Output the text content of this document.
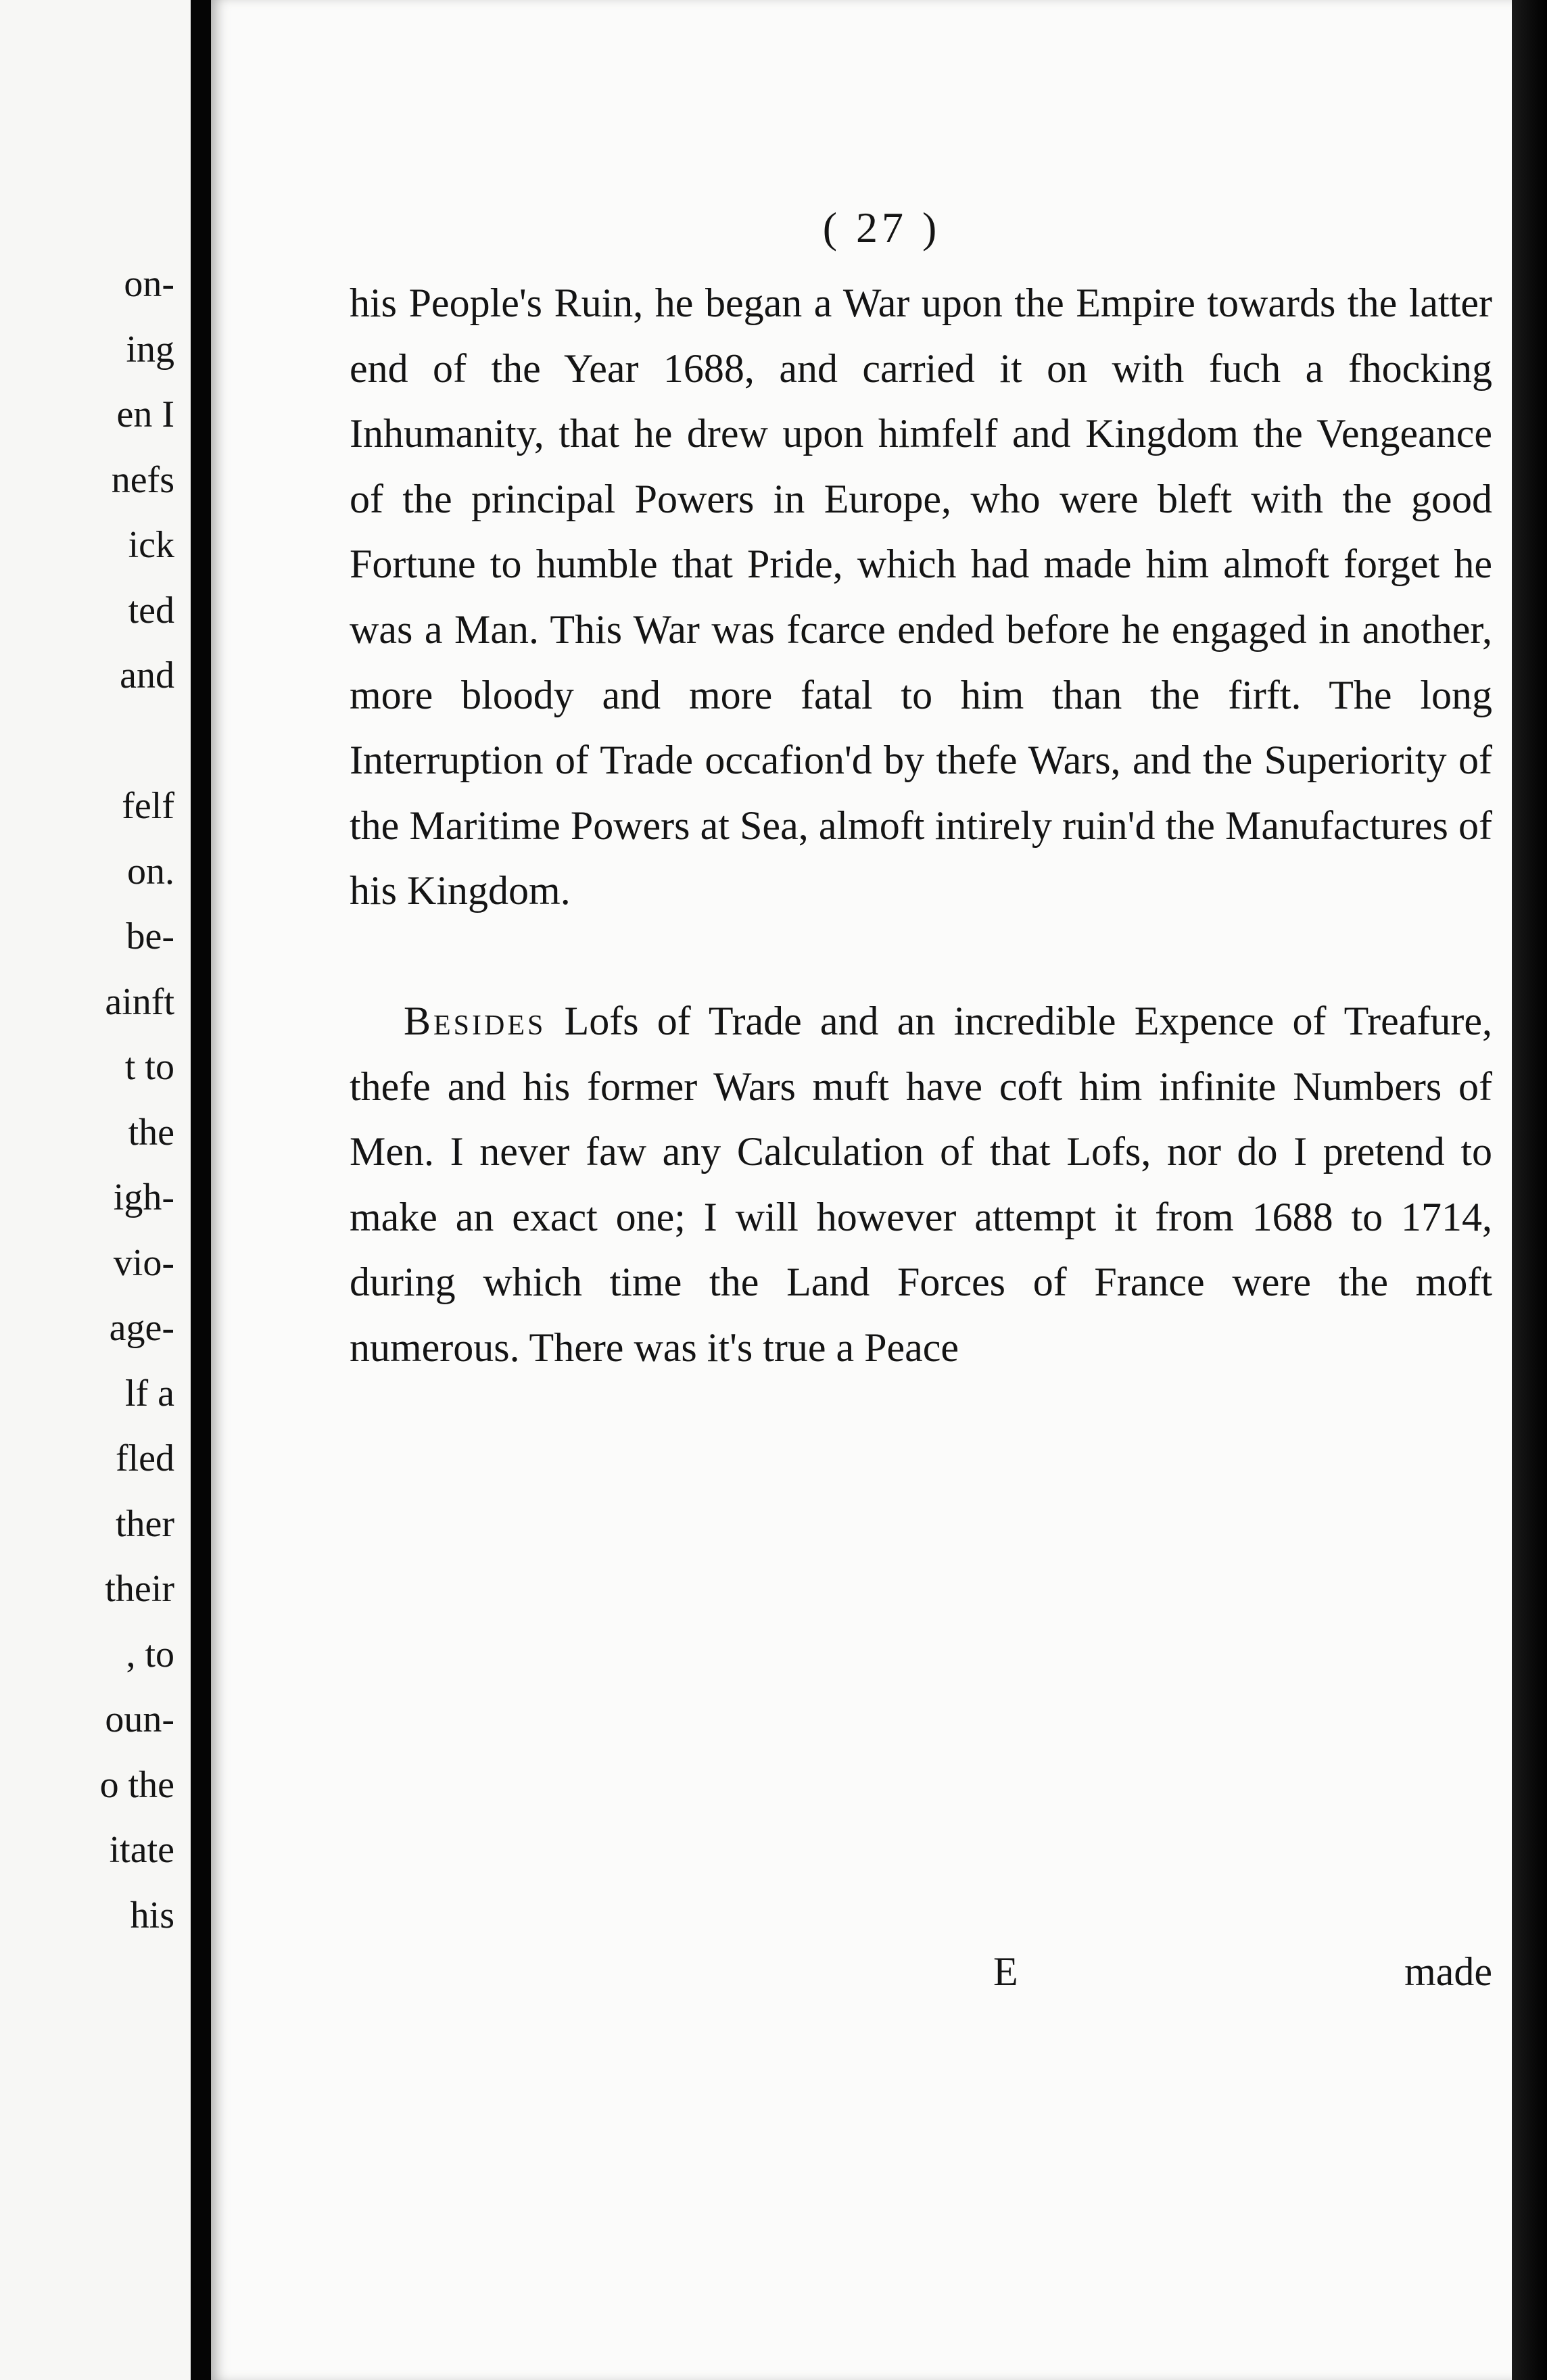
on-
ing
en I
nefs
ick
ted
and
felf
on.
be-
ainft
t to
the
igh-
vio-
age-
lf a
fled
ther
their
, to
oun-
o the
itate
his
( 27 )

his People's Ruin, he began a War upon the Empire towards the latter end of the Year 1688, and carried it on with fuch a fhocking Inhumanity, that he drew upon himfelf and Kingdom the Vengeance of the principal Powers in Europe, who were bleft with the good Fortune to humble that Pride, which had made him almoft forget he was a Man. This War was fcarce ended before he engaged in another, more bloody and more fatal to him than the firft. The long Interruption of Trade occafion'd by thefe Wars, and the Superiority of the Maritime Powers at Sea, almoft intirely ruin'd the Manufactures of his Kingdom.

Besides Lofs of Trade and an incredible Expence of Treafure, thefe and his former Wars muft have coft him infinite Numbers of Men. I never faw any Calculation of that Lofs, nor do I pretend to make an exact one; I will however attempt it from 1688 to 1714, during which time the Land Forces of France were the moft numerous. There was it's true a Peace

E	made
